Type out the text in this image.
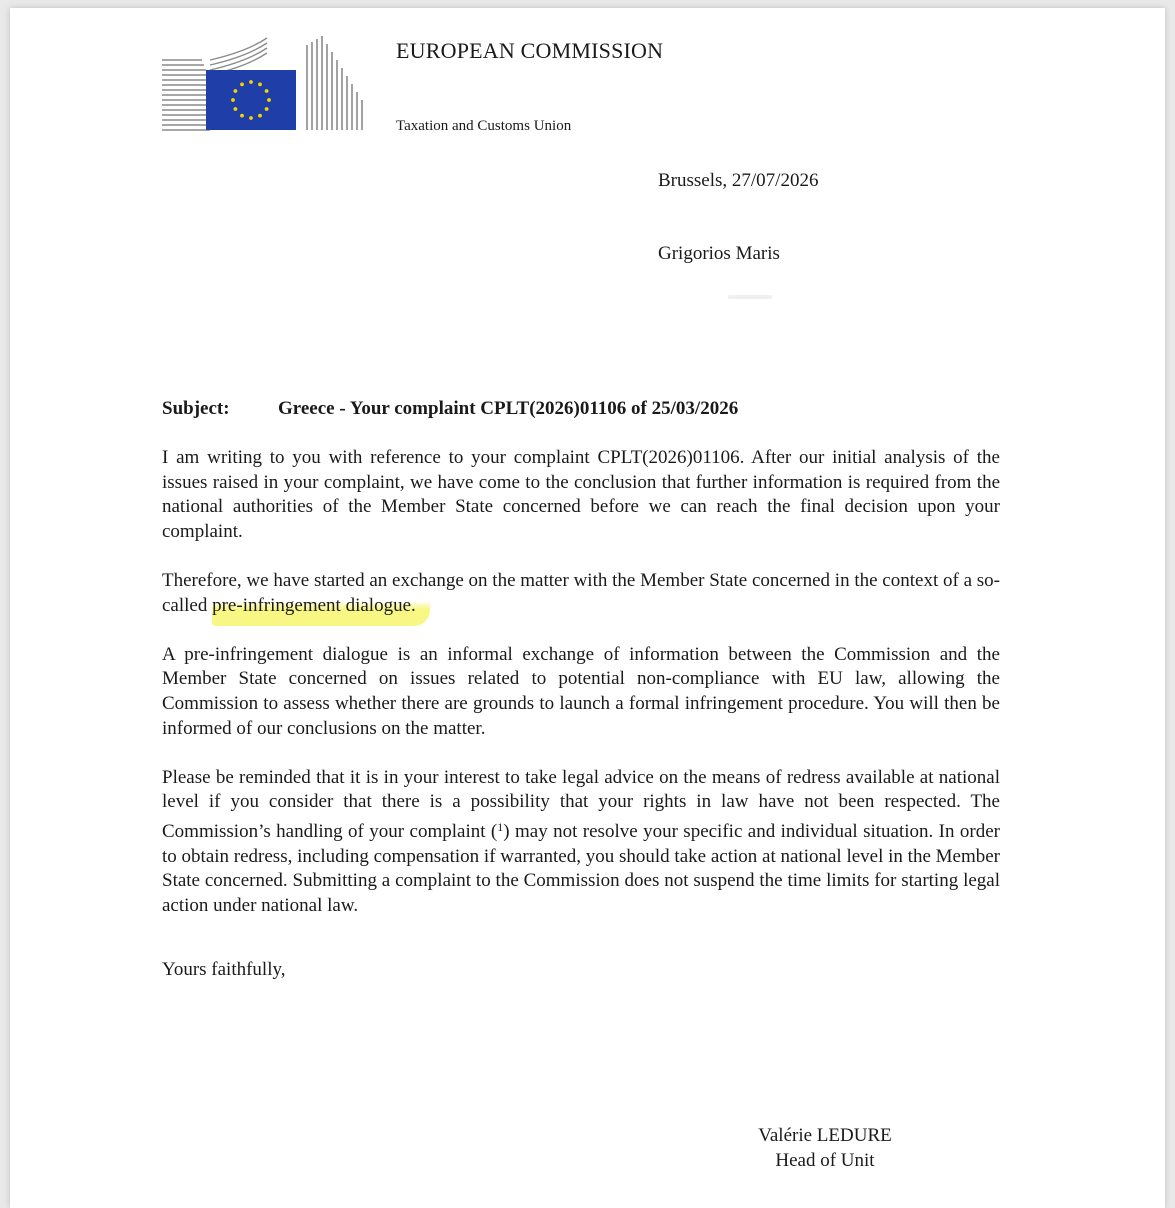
EUROPEAN COMMISSION
Taxation and Customs Union
Brussels, 27/07/2026
Grigorios Maris
Subject:	Greece - Your complaint CPLT(2026)01106 of 25/03/2026

I am writing to you with reference to your complaint CPLT(2026)01106. After our initial analysis of the issues raised in your complaint, we have come to the conclusion that further information is required from the national authorities of the Member State concerned before we can reach the final decision upon your complaint.

Therefore, we have started an exchange on the matter with the Member State concerned in the context of a so-called pre-infringement dialogue.

A pre-infringement dialogue is an informal exchange of information between the Commission and the Member State concerned on issues related to potential non-compliance with EU law, allowing the Commission to assess whether there are grounds to launch a formal infringement procedure. You will then be informed of our conclusions on the matter.

Please be reminded that it is in your interest to take legal advice on the means of redress available at national level if you consider that there is a possibility that your rights in law have not been respected. The Commission’s handling of your complaint ($^1$) may not resolve your specific and individual situation. In order to obtain redress, including compensation if warranted, you should take action at national level in the Member State concerned. Submitting a complaint to the Commission does not suspend the time limits for starting legal action under national law.

Yours faithfully,
Valérie LEDURE
Head of Unit
